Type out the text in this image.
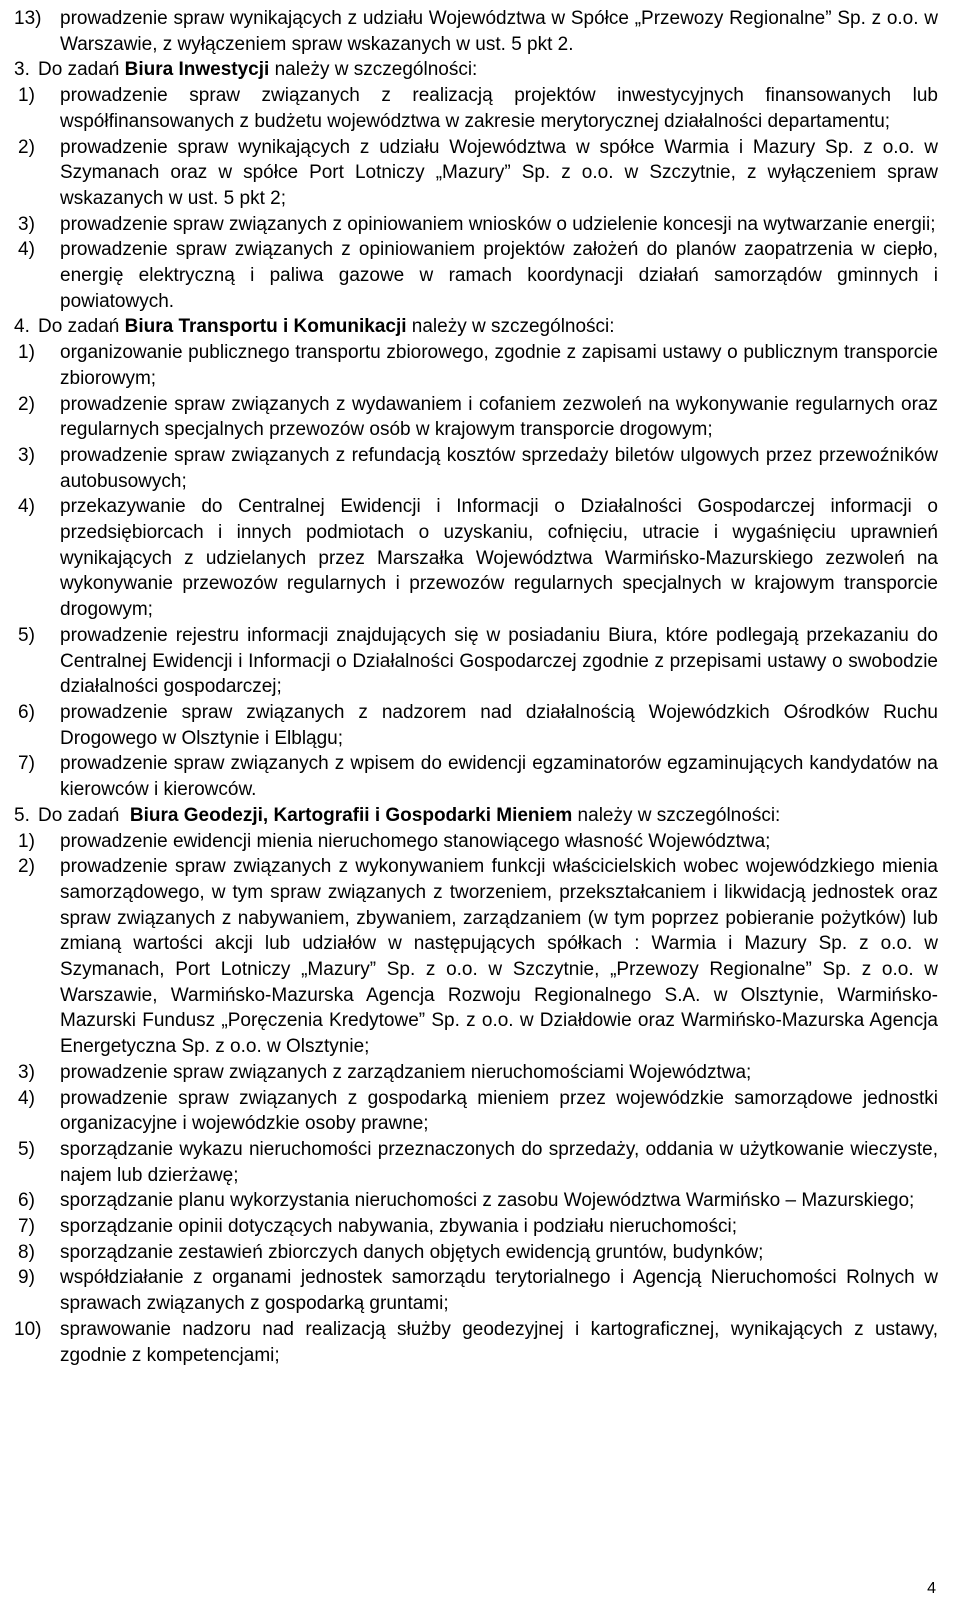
13) prowadzenie spraw wynikających z udziału Województwa w Spółce „Przewozy Regionalne” Sp. z o.o. w Warszawie, z wyłączeniem spraw wskazanych w ust. 5 pkt 2.
3. Do zadań Biura Inwestycji należy w szczególności:
1)	prowadzenie spraw związanych z realizacją projektów inwestycyjnych finansowanych lub współfinansowanych z budżetu województwa w zakresie merytorycznej działalności departamentu;
2)	prowadzenie spraw wynikających z udziału Województwa w spółce Warmia i Mazury Sp. z o.o. w Szymanach oraz w spółce Port Lotniczy „Mazury” Sp. z o.o. w Szczytnie, z wyłączeniem spraw wskazanych w ust. 5 pkt 2;
3)	prowadzenie spraw związanych z opiniowaniem wniosków o udzielenie koncesji na wytwarzanie energii;
4)	prowadzenie spraw związanych z opiniowaniem projektów założeń do planów zaopatrzenia w ciepło, energię elektryczną i paliwa gazowe w ramach koordynacji działań samorządów gminnych i powiatowych.
4. Do zadań Biura Transportu i Komunikacji należy w szczególności:
1)	organizowanie publicznego transportu zbiorowego, zgodnie z zapisami ustawy o publicznym transporcie zbiorowym;
2)	prowadzenie spraw związanych z wydawaniem i cofaniem zezwoleń na wykonywanie regularnych oraz regularnych specjalnych przewozów osób w krajowym transporcie drogowym;
3)	prowadzenie spraw związanych z refundacją kosztów sprzedaży biletów ulgowych przez przewoźników autobusowych;
4)	przekazywanie do Centralnej Ewidencji i Informacji o Działalności Gospodarczej informacji o przedsiębiorcach i innych podmiotach o uzyskaniu, cofnięciu, utracie i wygaśnięciu uprawnień wynikających z udzielanych przez Marszałka Województwa Warmińsko-Mazurskiego zezwoleń na wykonywanie przewozów regularnych i przewozów regularnych specjalnych w krajowym transporcie drogowym;
5)	prowadzenie rejestru informacji znajdujących się w posiadaniu Biura, które podlegają przekazaniu do Centralnej Ewidencji i Informacji o Działalności Gospodarczej zgodnie z przepisami ustawy o swobodzie działalności gospodarczej;
6)	prowadzenie spraw związanych z nadzorem nad działalnością Wojewódzkich Ośrodków Ruchu Drogowego w Olsztynie i Elblągu;
7)	prowadzenie spraw związanych z wpisem do ewidencji egzaminatorów egzaminujących kandydatów na kierowców i kierowców.
5. Do zadań  Biura Geodezji, Kartografii i Gospodarki Mieniem należy w szczególności:
1)	prowadzenie ewidencji mienia nieruchomego stanowiącego własność Województwa;
2)	prowadzenie spraw związanych z wykonywaniem funkcji właścicielskich wobec wojewódzkiego mienia samorządowego, w tym spraw związanych z tworzeniem, przekształcaniem i likwidacją jednostek oraz spraw związanych z nabywaniem, zbywaniem, zarządzaniem (w tym poprzez pobieranie pożytków) lub zmianą wartości akcji lub udziałów w następujących spółkach : Warmia i Mazury Sp. z o.o. w Szymanach, Port Lotniczy „Mazury” Sp. z o.o. w Szczytnie, „Przewozy Regionalne” Sp. z o.o. w Warszawie, Warmińsko-Mazurska Agencja Rozwoju Regionalnego S.A. w Olsztynie, Warmińsko-Mazurski Fundusz „Poręczenia Kredytowe” Sp. z o.o. w Działdowie oraz Warmińsko-Mazurska Agencja Energetyczna Sp. z o.o. w Olsztynie;
3)	prowadzenie spraw związanych z zarządzaniem nieruchomościami Województwa;
4)	prowadzenie spraw związanych z gospodarką mieniem przez wojewódzkie samorządowe jednostki organizacyjne i wojewódzkie osoby prawne;
5)	sporządzanie wykazu nieruchomości przeznaczonych do sprzedaży, oddania w użytkowanie wieczyste, najem lub dzierżawę;
6)	sporządzanie planu wykorzystania nieruchomości z zasobu Województwa Warmińsko – Mazurskiego;
7)	sporządzanie opinii dotyczących nabywania, zbywania i podziału nieruchomości;
8)	sporządzanie zestawień zbiorczych danych objętych ewidencją gruntów, budynków;
9)	współdziałanie z organami jednostek samorządu terytorialnego i Agencją Nieruchomości Rolnych w sprawach związanych z gospodarką gruntami;
10) sprawowanie nadzoru nad realizacją służby geodezyjnej i kartograficznej, wynikających z ustawy, zgodnie z kompetencjami;
4
